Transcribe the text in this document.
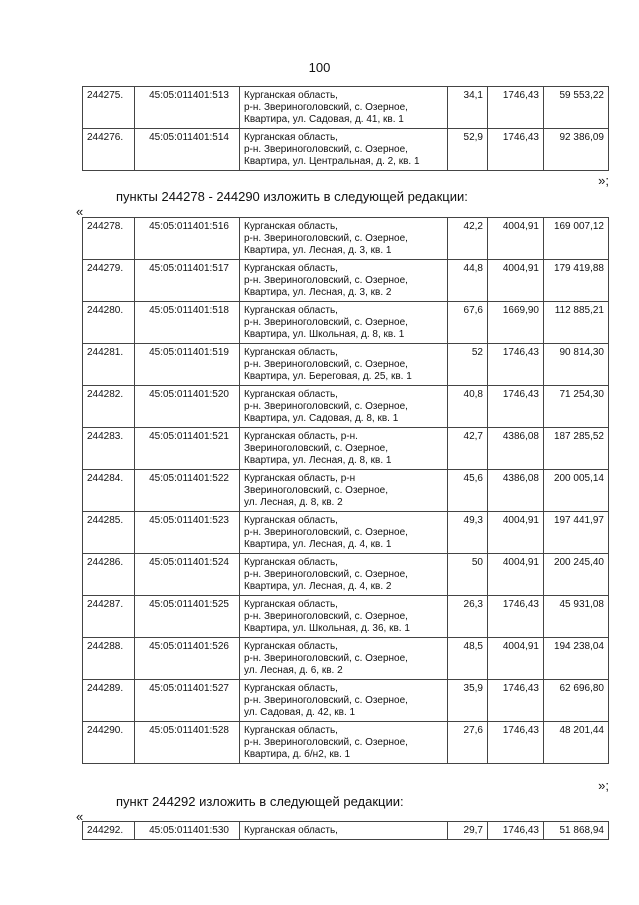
100
244275.	45:05:011401:513	Курганская область,
р-н. Звериноголовский, с. Озерное,
Квартира, ул. Садовая, д. 41, кв. 1	34,1	1746,43	59 553,22
244276.	45:05:011401:514	Курганская область,
р-н. Звериноголовский, с. Озерное,
Квартира, ул. Центральная, д. 2, кв. 1	52,9	1746,43	92 386,09
»;
пункты 244278 - 244290 изложить в следующей редакции:
«
244278.	45:05:011401:516	Курганская область,
р-н. Звериноголовский, с. Озерное,
Квартира, ул. Лесная, д. 3, кв. 1	42,2	4004,91	169 007,12
244279.	45:05:011401:517	Курганская область,
р-н. Звериноголовский, с. Озерное,
Квартира, ул. Лесная, д. 3, кв. 2	44,8	4004,91	179 419,88
244280.	45:05:011401:518	Курганская область,
р-н. Звериноголовский, с. Озерное,
Квартира, ул. Школьная, д. 8, кв. 1	67,6	1669,90	112 885,21
244281.	45:05:011401:519	Курганская область,
р-н. Звериноголовский, с. Озерное,
Квартира, ул. Береговая, д. 25, кв. 1	52	1746,43	90 814,30
244282.	45:05:011401:520	Курганская область,
р-н. Звериноголовский, с. Озерное,
Квартира, ул. Садовая, д. 8, кв. 1	40,8	1746,43	71 254,30
244283.	45:05:011401:521	Курганская область, р-н.
Звериноголовский, с. Озерное,
Квартира, ул. Лесная, д. 8, кв. 1	42,7	4386,08	187 285,52
244284.	45:05:011401:522	Курганская область, р-н
Звериноголовский, с. Озерное,
ул. Лесная, д. 8, кв. 2	45,6	4386,08	200 005,14
244285.	45:05:011401:523	Курганская область,
р-н. Звериноголовский, с. Озерное,
Квартира, ул. Лесная, д. 4, кв. 1	49,3	4004,91	197 441,97
244286.	45:05:011401:524	Курганская область,
р-н. Звериноголовский, с. Озерное,
Квартира, ул. Лесная, д. 4, кв. 2	50	4004,91	200 245,40
244287.	45:05:011401:525	Курганская область,
р-н. Звериноголовский, с. Озерное,
Квартира, ул. Школьная, д. 36, кв. 1	26,3	1746,43	45 931,08
244288.	45:05:011401:526	Курганская область,
р-н. Звериноголовский, с. Озерное,
ул. Лесная, д. 6, кв. 2	48,5	4004,91	194 238,04
244289.	45:05:011401:527	Курганская область,
р-н. Звериноголовский, с. Озерное,
ул. Садовая, д. 42, кв. 1	35,9	1746,43	62 696,80
244290.	45:05:011401:528	Курганская область,
р-н. Звериноголовский, с. Озерное,
Квартира, д. б/н2, кв. 1	27,6	1746,43	48 201,44
»;
пункт 244292 изложить в следующей редакции:
«
244292.	45:05:011401:530	Курганская область,	29,7	1746,43	51 868,94
